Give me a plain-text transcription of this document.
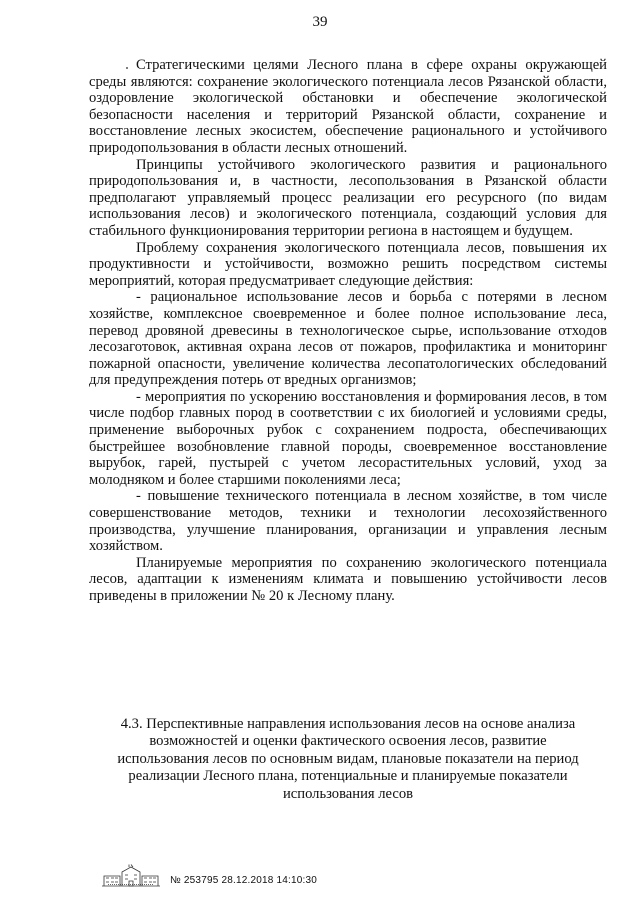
39

Стратегическими целями Лесного плана в сфере охраны окружающей среды являются: сохранение экологического потенциала лесов Рязанской области, оздоровление экологической обстановки и обеспечение экологической безопасности населения и территорий Рязанской области, сохранение и восстановление лесных экосистем, обеспечение рационального и устойчивого природопользования в области лесных отношений.

Принципы устойчивого экологического развития и рационального природопользования и, в частности, лесопользования в Рязанской области предполагают управляемый процесс реализации его ресурсного (по видам использования лесов) и экологического потенциала, создающий условия для стабильного функционирования территории региона в настоящем и будущем.

Проблему сохранения экологического потенциала лесов, повышения их продуктивности и устойчивости, возможно решить посредством системы мероприятий, которая предусматривает следующие действия:

- рациональное использование лесов и борьба с потерями в лесном хозяйстве, комплексное своевременное и более полное использование леса, перевод дровяной древесины в технологическое сырье, использование отходов лесозаготовок, активная охрана лесов от пожаров, профилактика и мониторинг пожарной опасности, увеличение количества лесопатологических обследований для предупреждения потерь от вредных организмов;

- мероприятия по ускорению восстановления и формирования лесов, в том числе подбор главных пород в соответствии с их биологией и условиями среды, применение выборочных рубок с сохранением подроста, обеспечивающих быстрейшее возобновление главной породы, своевременное восстановление вырубок, гарей, пустырей с учетом лесорастительных условий, уход за молодняком и более старшими поколениями леса;

- повышение технического потенциала в лесном хозяйстве, в том числе совершенствование методов, техники и технологии лесохозяйственного производства, улучшение планирования, организации и управления лесным хозяйством.

Планируемые мероприятия по сохранению экологического потенциала лесов, адаптации к изменениям климата и повышению устойчивости лесов приведены в приложении № 20 к Лесному плану.

4.3. Перспективные направления использования лесов на основе анализа

возможностей и оценки фактического освоения лесов, развитие

использования лесов по основным видам, плановые показатели на период

реализации Лесного плана, потенциальные и планируемые показатели

использования лесов

№ 253795 28.12.2018 14:10:30
